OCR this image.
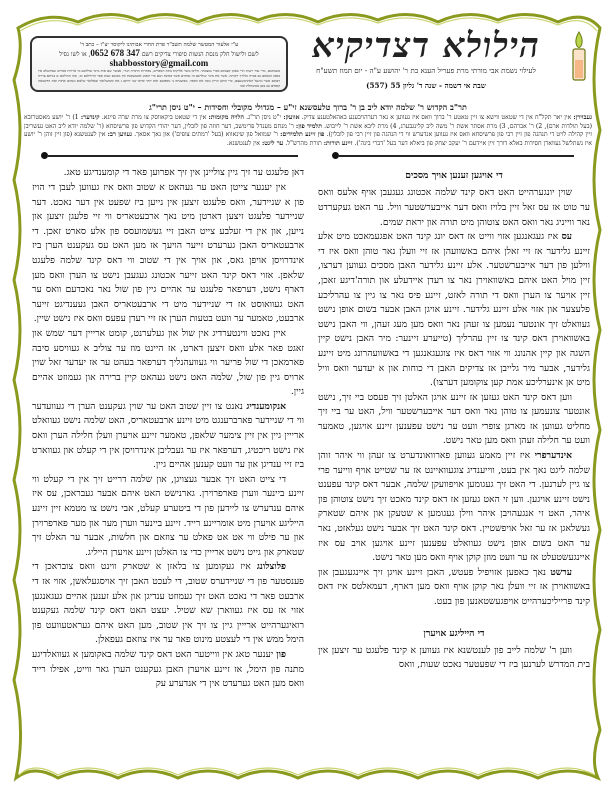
הילולא דצדיקיא
לעילוי נשמת אבי מורתי מרת פעריל הענא בת ר' יהושע ע"ה - יום תמוז תשע"ח
שבת אי דשמה - שנה ד' גליון 55 (557)
ע"י אלעזר המטשר שלמה תשב"ר פרת החרי אבותינו ליקוסר יצ"ו – כתב ד'
לשם ולישול חלק מנסת הנשות סיפורי צדיקים רשם 347 678 0652, או לשו נסיל shabbosstory@gmail.com
בשבתכם, מרי נמר רשות הרי באמן קצבתם סכרי נמצאתי. הליכן משר אליקות בתת הספרים, נסתרות התורה הגרי, אבשר שם אות מינר שולחנם מי אררות ספרים שבתשלט אין באמן הנאסם גם בכרה מולרך רקותה. אשר את מינר שולחנם מי נסתרם אשר מפונת ושם כרי האמן אשמעקבת אין ממזגם שבת ספר הדורלכם מו, ומה ההולכם ש בניתם צרויה דבוכם אשר מיגעל האינימשעצם, כרי ההבן הריזן נוכה את הספר, ממשנתה ני נוספשם ואת יותר סרסו שני רותם ג את וממשלואר זבאלואר שלמם מנהוט אחות ואת הדשכאה קספים נם מען ממשחלת זמני
תר"ב הקדוש ר' שלמה יודא ליב בן ר' ברוך טלעסשנא זי"ע – מגדולי מקובלי וחסידות – י"ט ניסן תרי"ג
געבוירן: אין יאר תקל"ח אין די שטאט ווישא צו זיין טאטע ר' ברוך וואס איז געווען א גאר דערהויבענע באהאלטענע צדיק. אוועק: י"ט ניסן תר"ג. הלויה מקומות: אין די שטאט ביקאווסק צו מרת שרה פייגא. קינדער: 1) ר' יושע מאסטרובא (בעל תולדות ארם), 2) ר' אברהם, 3) מרת אסתר אשת ר' משה ליב קלינגבערג, 4) מרת ליבא אשת ר' לייבוש. תלמיד פון: ר' מנחם מענדל פרימשב, דער חוזה פון לובלין, דער יהודי הקדוש פון פרשיסחא (ר' שלמה יודא ליב האט געשריבן זיין קהילה לויט די תנהגה פון זיין רבי פון פרשיסחא וואס איז געווען אנדערש ווי די הנהגה פון זיין רבי פון לובלין). פון זיינע תלמידים: ר' שמואל פון שינאווא (בעל 'רמתים צופים') און נאך אסאך. געווען רב: אין לענטשנא (פון זיין זוהן ר' יושע איז נשתלשל געווארן חסידות באלא דורך זיין איידעם ר' יעקב יצחק פון ביאלא דער בעל 'דברי בינה'). זיינע תורות: תורת מהרש"ל. ער ליגט: אין לענטשנא.
די אויגען זענען אויך מסכים

שוין יונגערהייט האט דאס קינד שלמה אכטונג געגעבן אויף אלעס וואס ער טוט אז עס זאל זיין בלויז וואס דער אייבערשטער וויל. ער האט געקערדט נאר ווייניג נאר וואס האט צוטוהן מיט תורה און יראת שמים.

עס איז געגאנגען אזוי ווייט אז דאס יונג קינד האט אפגעמאכט מיט אלע זיינע גלידער אז זיי זאלן איהם באשוועהן אז זיי וועלן נאר טוהן וואס איז די ווילען פון דער אייבערשטער. אלע זיינע גלידער האבן מסכים געווען דערצו, זיין מויל האט איהם באשוואוירן נאר צו רעדן איידעלע און תורה'דיגע זאכן, זיין אויער צו הערן וואס די תורה לאזט, זיינע פיס נאר צו גיין צו עהרליכע פלעצער און אזוי אלע זיינע גלידער. זיינע אויגן האבן אבער בשום אופן נישט געוואלט זיך אונטער נעמען צו זעהן נאר וואס מען מעג זעהן, ווי האבן נישט באשוואוירן דאס קינד צו זיין עהרליך (טייערע זיינער: מיר האבן נישט קיין השגה און קיין אהנונג ווי אזוי דאס איז צוגעגאנגען די באשוועהרונג מיט זיינע גלידער, אבער מיר גלייבן אז צדיקים האבן די כוחות און א יעדער וואס וויל מיט אן אינערליכע אמת קען צוקומען דערצו).

ווען דאס קינד האט געזען אז זיינע אויגן האלטן זיך פעסט ביי זיך, נישט אונטער צונעמען צו טוהן נאר וואס דער אייבערשטער וויל, האט ער ביי זיך מחליט געווען אז מארגן צופרי וועט ער נישט עפענען זיינע אויגען, טאמער וועט ער חלילה זעהן וואס מען טאר נישט.

אינדערפרי איז זיין מאמע געווען פארוואונדערט צו זעהן ווי איהר זוהן שלמה ליגט נאך אין בעט, ווייענדיג צוגעוואיינט אז ער שטייט אויף ווייער פרי צו גיין לערנען. די האט זיך געגומען אויפוועקן שלמה, אבער דאס קינד עפענט נישט זיינע אויגען. ווען זי האט געזען אז דאס קינד מאכט זיך נישט צוטוהן פון איהר, האט זי אנגעהויבן איהר ווילן געגומען א שטעקן און איהם שטארק געשלאגן אז ער זאל אויפשטיין. דאס קינד האט זיך אבער נישט געלאזט, נאר ער האט בשום אופן נישט געוואלט עפענען זיינע אויגען אויב עס איז איינגעשטעלט אז ער וועט מוזן קוקן אויף וואס מען טאר נישט.

ערשט נאך כאפען אזויפיל פעטש, האבן זיינע אויגן זיך איינגעגעבן און באשוואוירן אז זיי וועלן נאר קוקן אויף וואס מען דארף, דעמאלטס איז דאס קינד פרייליכערהייט אויפגעשטאנען פון בעט.

די הייליגע אויערן

ווען ר' שלמה לייב פון לענטשנא איז געווען א קינד פלעגט ער זיצען אין בית המדרש לערנען ביז די שפעטער נאכט שעות, וואס

דאן פלעגט ער זיך גיין צוליינן אין זיך אפרוען פאר די קומענדיגע טאג.

אין יענער צייטן האט ער געהאט א שטוב וואס איז געווען לעבן די הויז פון א שניידער, וואס פלעגט זיצען אין נייען ביז שפעט אין דער נאכט. דער שניידער פלעגט זיצען דארטן מיט נאך ארבעטאריס ווי זיי פלעגן זיצען און נייען, און אין די זעלבע צייט האבן זיי געשמועסס פון אלע סארט זאכן. די ארבעטאריס האבן גערעדט זייער הויעך אז מען האט עס געקענט הערן ביז אינדרויסן אויפן גאס, און אויך אין די שטוב ווי דאס קינד שלמה פלעגט שלאפן. אזוי דאס קינד האט זייער אכטונג געגעבן נישט צו הערן וואס מען דארף נישט, דערפאר פלעגט ער אהיים גיין פון שול נאר נאכדעם וואס ער האט געוואוסט אז די שניידער מיט די ארבעטאריס האבן געענדיגט זייער ארבעט, טאמער ער וועט בטעות הערן אז זיי רעדן עפעס וואס איז נישט שיין.

איין נאכט ווינטערדיג אין שול און געלערנט, קומט ארייין דער שמש און זאגט פאר אלע וואס זיצען דארט, אז היינט מוז ער צוליב א געוויסע סיבה פארמאכן די שול פריער ווי געוועהנליך דערפאר בעהט ער אז יעדער זאל שוין ארויס גיין פון שול, שלמה האט נישט געהאט קיין ברירה און געמוזט אהיים גיין.

אנקומענדיג נאנט צו זיין שטוב האט ער שוין געקענט הערן די געוועדער ווי די שניידער פארברענגט מיט זיינע ארבעטאריס, האט שלמה נישט געוואלט ארייין גיין אין זיין צימער שלאפן, טאמער זיינע אויערן וועלן חלילה הערן וואס איז נישט ריכטיג, דערפאר איז ער געבליבן אינדרויסן אין די קעלט און געווארט ביז זיי ענדיגן און ער וועט קענען אהיים גיין.

די צייט האט זיך אבער געצויגן, און שלמה דרייט זיך אין די קעלט ווי זיינע ביינער ווערן פארפרוירן. גארנישט האט איהם אבער געבראכן, עס איז איהם ענדערש צו ליידען פון די ביטערע קעלט, אבי נישט צו מטמא זיין זיינע הייליגע אויערן מיט אומריינע רייד. זיינע ביינער ווערן מער און מער פארפרוירן און ער פילט ווי אט אט פאלט ער צוזאם און חלשות, אבער ער האלט זיך שטארק און גייט נישט ארייין כדי צו האלטן זיינע אויערן הייליג.

פלוצלונג איז געקומען צו בלאזן א שטארק ווינט וואס צובראכן די פענסטער פון די שניידערס שטוב, די לעכט האבן זיך אויסגעלאשן, אזוי אז די ארבעט פאר די נאכט האט זיך געמוזט ענדיגן און אלע זענען אהיים געגאנגען אזוי אז עס איז געווארן שא שטיל. יעצט האט דאס קינד שלמה געקענט רואיגערהייט ארייין גיין צו זיך אין שטוב, מען האט איהם געראטעוועט פון הימל ממש אין די לעצטע מינוט פאר ער איז צוזאם געפאלן.

פון יענער טאג אין ווייטער האט דאס קינד שלמה באקומען א געוואלדיגע מתנה פון הימל, אז זיינע אויערן האבן געקענט הערן גאר ווייט, אפילו רייד וואס מען האט גערעדט אין די אנדערע עק
